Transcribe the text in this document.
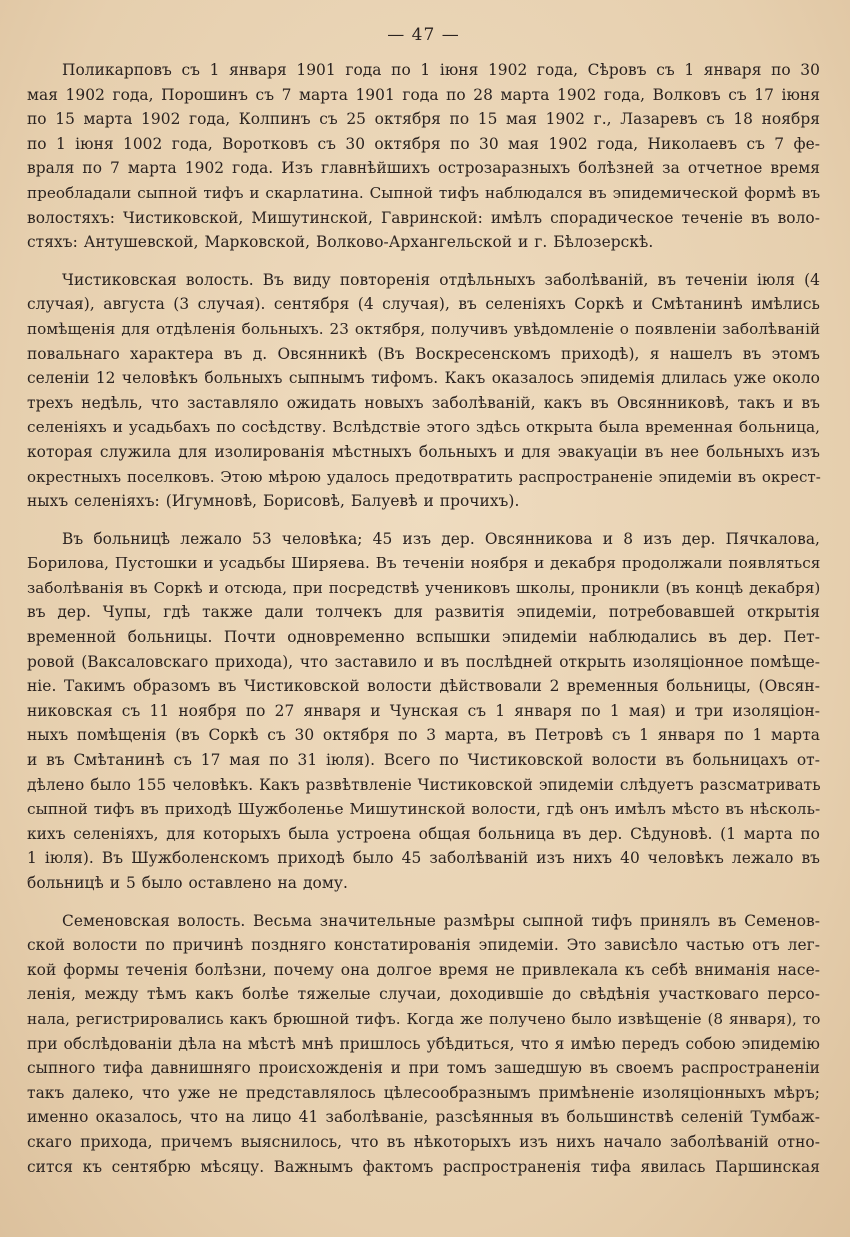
— 47 —
Поликарповъ съ 1 января 1901 года по 1 іюня 1902 года, Сѣровъ съ 1 января по 30
мая 1902 года, Порошинъ съ 7 марта 1901 года по 28 марта 1902 года, Волковъ съ 17 іюня
по 15 марта 1902 года, Колпинъ съ 25 октября по 15 мая 1902 г., Лазаревъ съ 18 ноября
по 1 іюня 1002 года, Воротковъ съ 30 октября по 30 мая 1902 года, Николаевъ съ 7 фе-
враля по 7 марта 1902 года. Изъ главнѣйшихъ острозаразныхъ болѣзней за отчетное время
преобладали сыпной тифъ и скарлатина. Сыпной тифъ наблюдался въ эпидемической формѣ въ
волостяхъ: Чистиковской, Мишутинской, Гавринской: имѣлъ спорадическое теченіе въ воло-
стяхъ: Антушевской, Марковской, Волково-Архангельской и г. Бѣлозерскѣ.
Чистиковская волость. Въ виду повторенія отдѣльныхъ заболѣваній, въ теченіи іюля (4
случая), августа (3 случая). сентября (4 случая), въ селеніяхъ Соркѣ и Смѣтанинѣ имѣлись
помѣщенія для отдѣленія больныхъ. 23 октября, получивъ увѣдомленіе о появленіи заболѣваній
повальнаго характера въ д. Овсянникѣ (Въ Воскресенскомъ приходѣ), я нашелъ въ этомъ
селеніи 12 человѣкъ больныхъ сыпнымъ тифомъ. Какъ оказалось эпидемія длилась уже около
трехъ недѣль, что заставляло ожидать новыхъ заболѣваній, какъ въ Овсянниковѣ, такъ и въ
селеніяхъ и усадьбахъ по сосѣдству. Вслѣдствіе этого здѣсь открыта была временная больница,
которая служила для изолированія мѣстныхъ больныхъ и для эвакуаціи въ нее больныхъ изъ
окрестныхъ поселковъ. Этою мѣрою удалось предотвратить распространеніе эпидеміи въ окрест-
ныхъ селеніяхъ: (Игумновѣ, Борисовѣ, Балуевѣ и прочихъ).
Въ больницѣ лежало 53 человѣка; 45 изъ дер. Овсянникова и 8 изъ дер. Пячкалова,
Борилова, Пустошки и усадьбы Ширяева. Въ теченіи ноября и декабря продолжали появляться
заболѣванія въ Соркѣ и отсюда, при посредствѣ учениковъ школы, проникли (въ концѣ декабря)
въ дер. Чупы, гдѣ также дали толчекъ для развитія эпидеміи, потребовавшей открытія
временной больницы. Почти одновременно вспышки эпидеміи наблюдались въ дер. Пет-
ровой (Ваксаловскаго прихода), что заставило и въ послѣдней открыть изоляціонное помѣще-
ніе. Такимъ образомъ въ Чистиковской волости дѣйствовали 2 временныя больницы, (Овсян-
никовская съ 11 ноября по 27 января и Чунская съ 1 января по 1 мая) и три изоляціон-
ныхъ помѣщенія (въ Соркѣ съ 30 октября по 3 марта, въ Петровѣ съ 1 января по 1 марта
и въ Смѣтанинѣ съ 17 мая по 31 іюля). Всего по Чистиковской волости въ больницахъ от-
дѣлено было 155 человѣкъ. Какъ развѣтвленіе Чистиковской эпидеміи слѣдуетъ разсматривать
сыпной тифъ въ приходѣ Шужболенье Мишутинской волости, гдѣ онъ имѣлъ мѣсто въ нѣсколь-
кихъ селеніяхъ, для которыхъ была устроена общая больница въ дер. Сѣдуновѣ. (1 марта по
1 іюля). Въ Шужболенскомъ приходѣ было 45 заболѣваній изъ нихъ 40 человѣкъ лежало въ
больницѣ и 5 было оставлено на дому.
Семеновская волость. Весьма значительные размѣры сыпной тифъ принялъ въ Семенов-
ской волости по причинѣ поздняго констатированія эпидеміи. Это зависѣло частью отъ лег-
кой формы теченія болѣзни, почему она долгое время не привлекала къ себѣ вниманія насе-
ленія, между тѣмъ какъ болѣе тяжелые случаи, доходившіе до свѣдѣнія участковаго персо-
нала, регистрировались какъ брюшной тифъ. Когда же получено было извѣщеніе (8 января), то
при обслѣдованіи дѣла на мѣстѣ мнѣ пришлось убѣдиться, что я имѣю передъ собою эпидемію
сыпного тифа давнишняго происхожденія и при томъ зашедшую въ своемъ распространеніи
такъ далеко, что уже не представлялось цѣлесообразнымъ примѣненіе изоляціонныхъ мѣръ;
именно оказалось, что на лицо 41 заболѣваніе, разсѣянныя въ большинствѣ селеній Тумбаж-
скаго прихода, причемъ выяснилось, что въ нѣкоторыхъ изъ нихъ начало заболѣваній отно-
сится къ сентябрю мѣсяцу. Важнымъ фактомъ распространенія тифа явилась Паршинская
